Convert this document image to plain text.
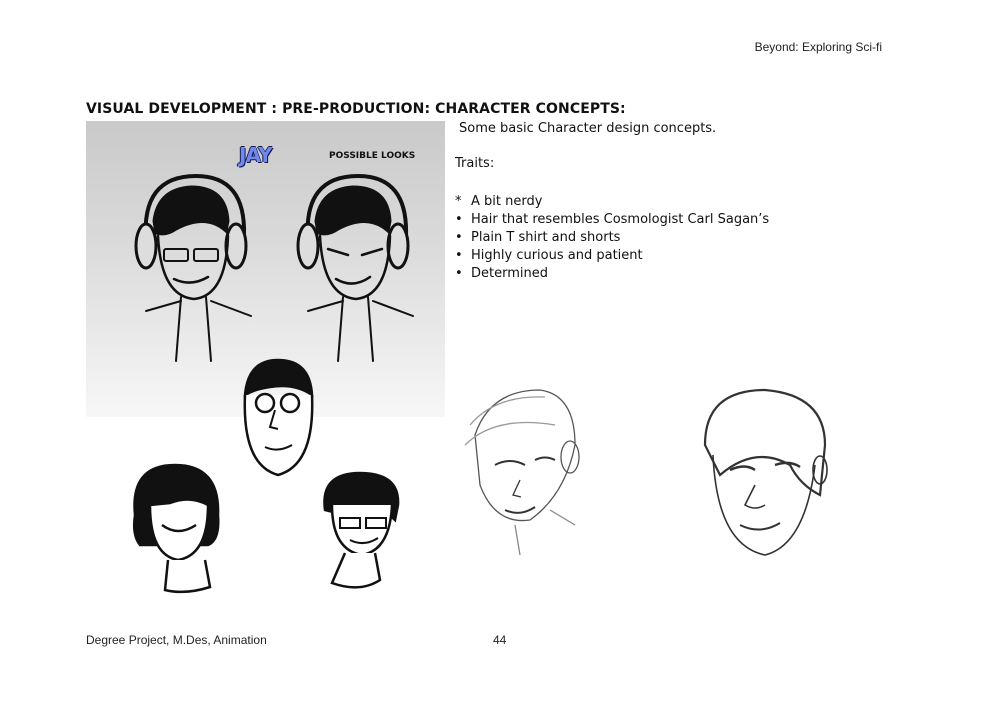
Beyond: Exploring Sci-fi
VISUAL DEVELOPMENT : PRE-PRODUCTION: CHARACTER CONCEPTS:
JAY	POSSIBLE LOOKS
Some basic Character design concepts.
Traits:
* A bit nerdy
• Hair that resembles Cosmologist Carl Sagan’s
• Plain T shirt and shorts
• Highly curious and patient
• Determined
Degree Project, M.Des, Animation	44
